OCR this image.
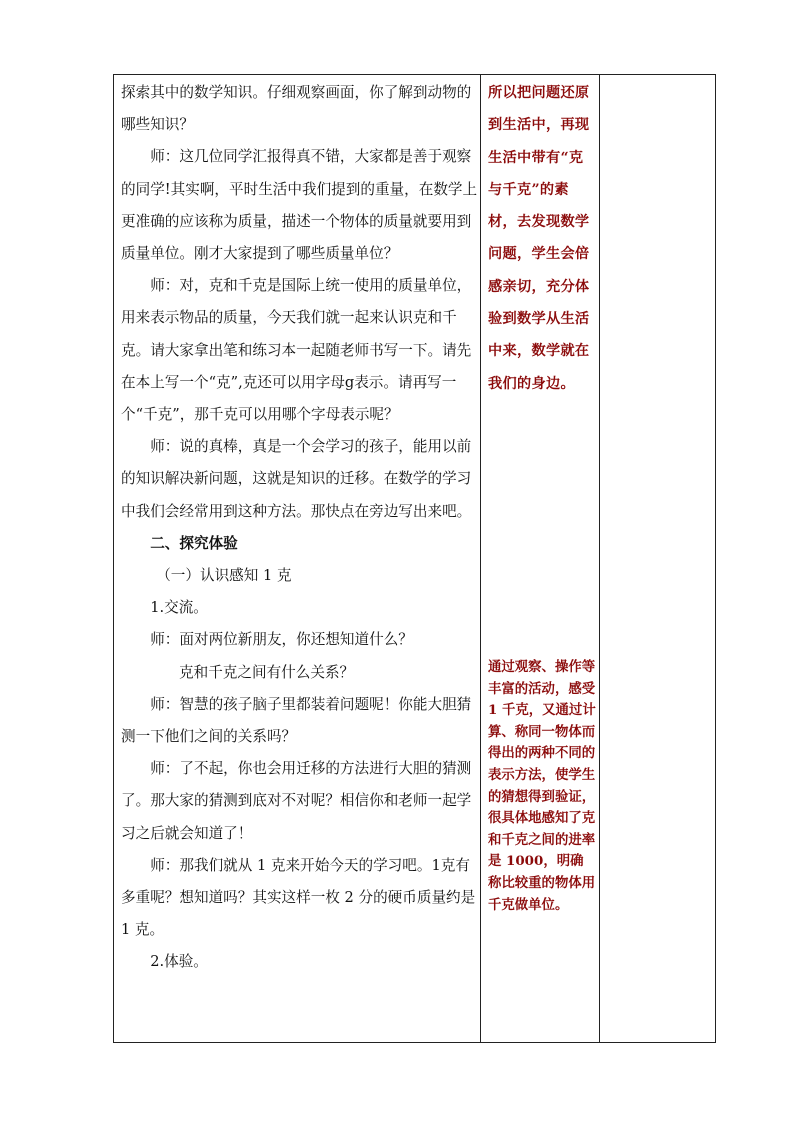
探索其中的数学知识。仔细观察画面，你了解到动物的哪些知识？

师：这几位同学汇报得真不错，大家都是善于观察的同学!其实啊，平时生活中我们提到的重量，在数学上更准确的应该称为质量，描述一个物体的质量就要用到质量单位。刚才大家提到了哪些质量单位？

师：对，克和千克是国际上统一使用的质量单位，用来表示物品的质量，今天我们就一起来认识克和千克。请大家拿出笔和练习本一起随老师书写一下。请先在本上写一个“克”,克还可以用字母g表示。请再写一个“千克”，那千克可以用哪个字母表示呢？

师：说的真棒，真是一个会学习的孩子，能用以前的知识解决新问题，这就是知识的迁移。在数学的学习中我们会经常用到这种方法。那快点在旁边写出来吧。

二、探究体验

（一）认识感知 1 克

1.交流。

师：面对两位新朋友，你还想知道什么？

克和千克之间有什么关系？

师：智慧的孩子脑子里都装着问题呢！你能大胆猜测一下他们之间的关系吗？

师：了不起，你也会用迁移的方法进行大胆的猜测了。那大家的猜测到底对不对呢？相信你和老师一起学习之后就会知道了！

师：那我们就从 1 克来开始今天的学习吧。1克有多重呢？想知道吗？其实这样一枚 2 分的硬币质量约是 1 克。

2.体验。

所以把问题还原到生活中，再现生活中带有“克与千克”的素材，去发现数学问题，学生会倍感亲切，充分体验到数学从生活中来，数学就在我们的身边。

通过观察、操作等丰富的活动，感受 1 千克，又通过计算、称同一物体而得出的两种不同的表示方法，使学生的猜想得到验证，很具体地感知了克和千克之间的进率是 1000，明确称比较重的物体用千克做单位。
